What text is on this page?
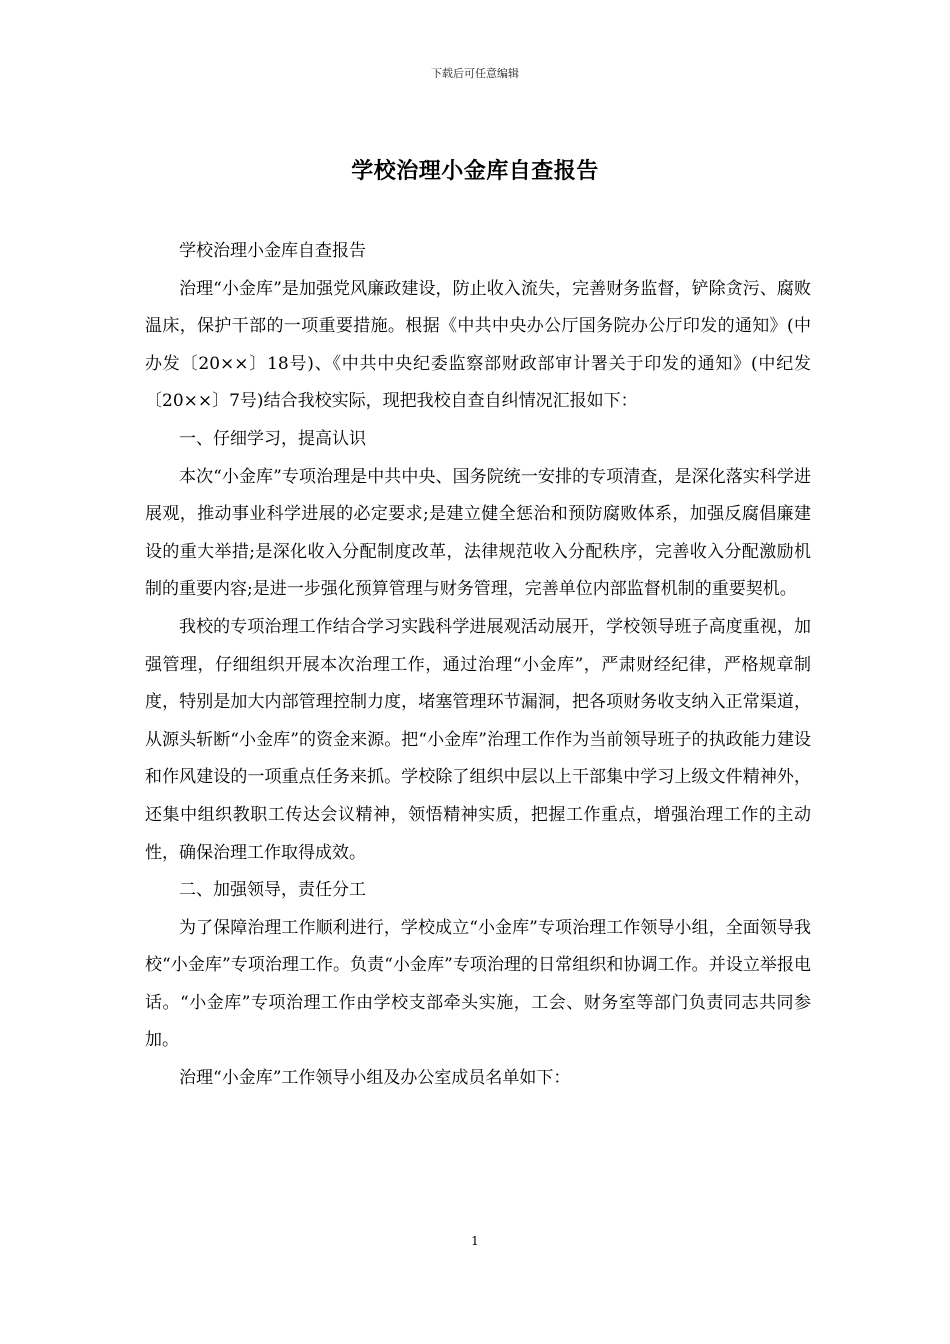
下载后可任意编辑
学校治理小金库自查报告

学校治理小金库自查报告

治理“小金库”是加强党风廉政建设，防止收入流失，完善财务监督，铲除贪污、腐败温床，保护干部的一项重要措施。根据《中共中央办公厅国务院办公厅印发的通知》(中办发〔20××〕18号)、《中共中央纪委监察部财政部审计署关于印发的通知》(中纪发〔20××〕7号)结合我校实际，现把我校自查自纠情况汇报如下：

一、仔细学习，提高认识

本次“小金库”专项治理是中共中央、国务院统一安排的专项清查，是深化落实科学进展观，推动事业科学进展的必定要求;是建立健全惩治和预防腐败体系，加强反腐倡廉建设的重大举措;是深化收入分配制度改革，法律规范收入分配秩序，完善收入分配激励机制的重要内容;是进一步强化预算管理与财务管理，完善单位内部监督机制的重要契机。

我校的专项治理工作结合学习实践科学进展观活动展开，学校领导班子高度重视，加强管理，仔细组织开展本次治理工作，通过治理“小金库”，严肃财经纪律，严格规章制度，特别是加大内部管理控制力度，堵塞管理环节漏洞，把各项财务收支纳入正常渠道，从源头斩断“小金库”的资金来源。把“小金库”治理工作作为当前领导班子的执政能力建设和作风建设的一项重点任务来抓。学校除了组织中层以上干部集中学习上级文件精神外，还集中组织教职工传达会议精神，领悟精神实质，把握工作重点，增强治理工作的主动性，确保治理工作取得成效。

二、加强领导，责任分工

为了保障治理工作顺利进行，学校成立“小金库”专项治理工作领导小组，全面领导我校“小金库”专项治理工作。负责“小金库”专项治理的日常组织和协调工作。并设立举报电话。“小金库”专项治理工作由学校支部牵头实施，工会、财务室等部门负责同志共同参加。

治理“小金库”工作领导小组及办公室成员名单如下：

1
